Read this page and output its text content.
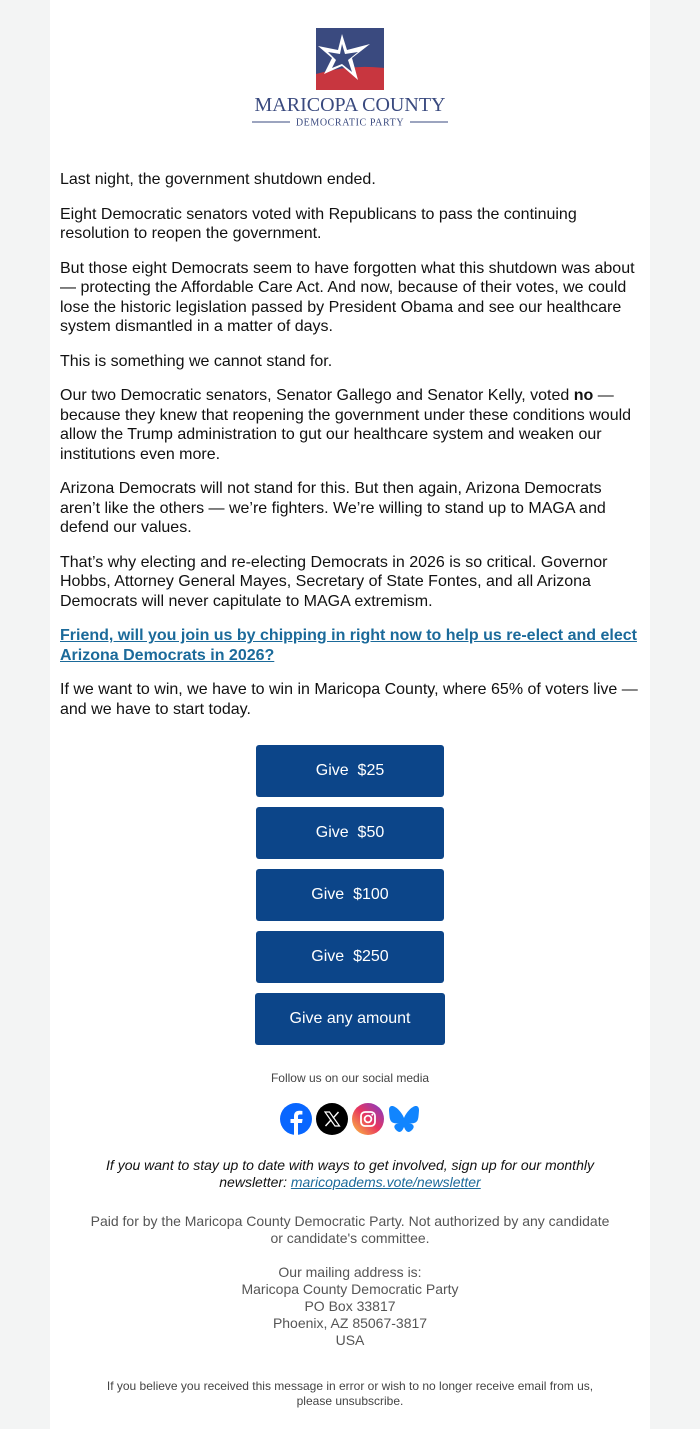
MARICOPA COUNTY
DEMOCRATIC PARTY

Last night, the government shutdown ended.

Eight Democratic senators voted with Republicans to pass the continuing resolution to reopen the government.

But those eight Democrats seem to have forgotten what this shutdown was about — protecting the Affordable Care Act. And now, because of their votes, we could lose the historic legislation passed by President Obama and see our healthcare system dismantled in a matter of days.

This is something we cannot stand for.

Our two Democratic senators, Senator Gallego and Senator Kelly, voted no — because they knew that reopening the government under these conditions would allow the Trump administration to gut our healthcare system and weaken our institutions even more.

Arizona Democrats will not stand for this. But then again, Arizona Democrats aren’t like the others — we’re fighters. We’re willing to stand up to MAGA and defend our values.

That’s why electing and re-electing Democrats in 2026 is so critical. Governor Hobbs, Attorney General Mayes, Secretary of State Fontes, and all Arizona Democrats will never capitulate to MAGA extremism.

Friend, will you join us by chipping in right now to help us re-elect and elect Arizona Democrats in 2026?

If we want to win, we have to win in Maricopa County, where 65% of voters live — and we have to start today.

Give  $25
Give  $50
Give  $100
Give  $250
Give any amount
Follow us on our social media
If you want to stay up to date with ways to get involved, sign up for our monthly newsletter: maricopadems.vote/newsletter
Paid for by the Maricopa County Democratic Party. Not authorized by any candidate or candidate's committee.
Our mailing address is:
Maricopa County Democratic Party
PO Box 33817
Phoenix, AZ 85067-3817
USA
If you believe you received this message in error or wish to no longer receive email from us, please unsubscribe.
